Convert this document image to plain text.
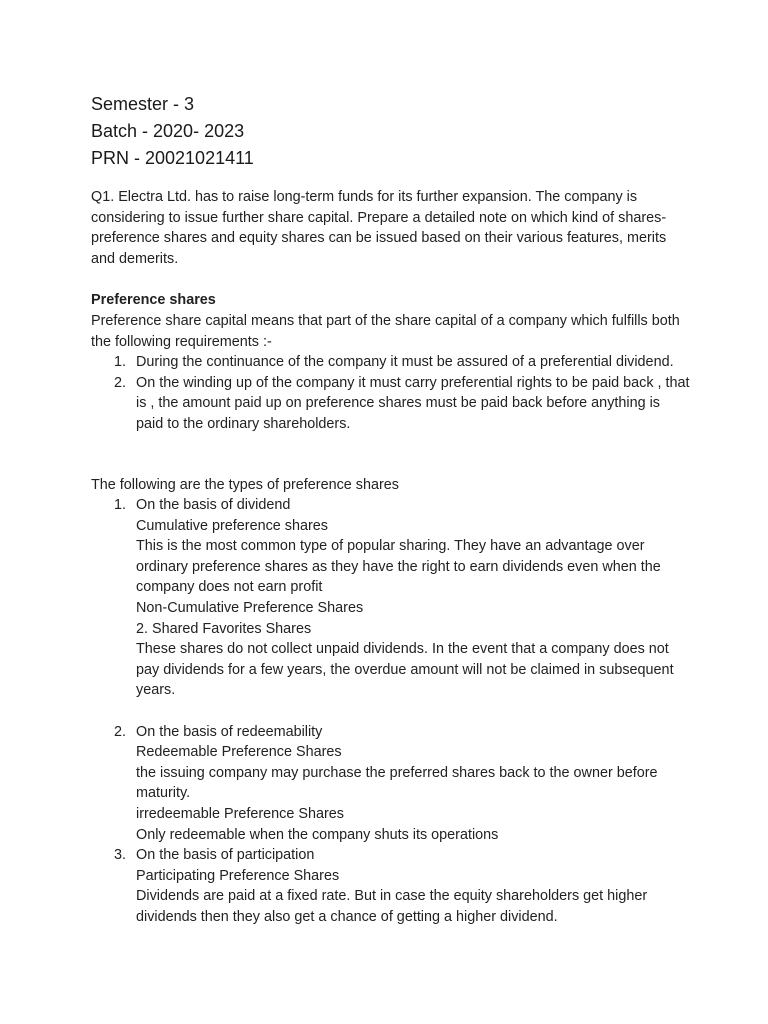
Semester - 3
Batch - 2020- 2023
PRN - 20021021411

Q1. Electra Ltd. has to raise long-term funds for its further expansion. The company is considering to issue further share capital. Prepare a detailed note on which kind of shares- preference shares and equity shares can be issued based on their various features, merits and demerits.

Preference shares

Preference share capital means that part of the share capital of a company which fulfills both the following requirements :-

1. During the continuance of the company it must be assured of a preferential dividend.

2. On the winding up of the company it must carry preferential rights to be paid back , that is , the amount paid up on preference shares must be paid back before anything is paid to the ordinary shareholders.

The following are the types of preference shares

1. On the basis of dividend

Cumulative preference shares

This is the most common type of popular sharing. They have an advantage over ordinary preference shares as they have the right to earn dividends even when the company does not earn profit

Non-Cumulative Preference Shares

2. Shared Favorites Shares

These shares do not collect unpaid dividends. In the event that a company does not pay dividends for a few years, the overdue amount will not be claimed in subsequent years.

2. On the basis of redeemability

Redeemable Preference Shares

the issuing company may purchase the preferred shares back to the owner before maturity.

irredeemable Preference Shares

Only redeemable when the company shuts its operations

3. On the basis of participation

Participating Preference Shares

Dividends are paid at a fixed rate. But in case the equity shareholders get higher dividends then they also get a chance of getting a higher dividend.
